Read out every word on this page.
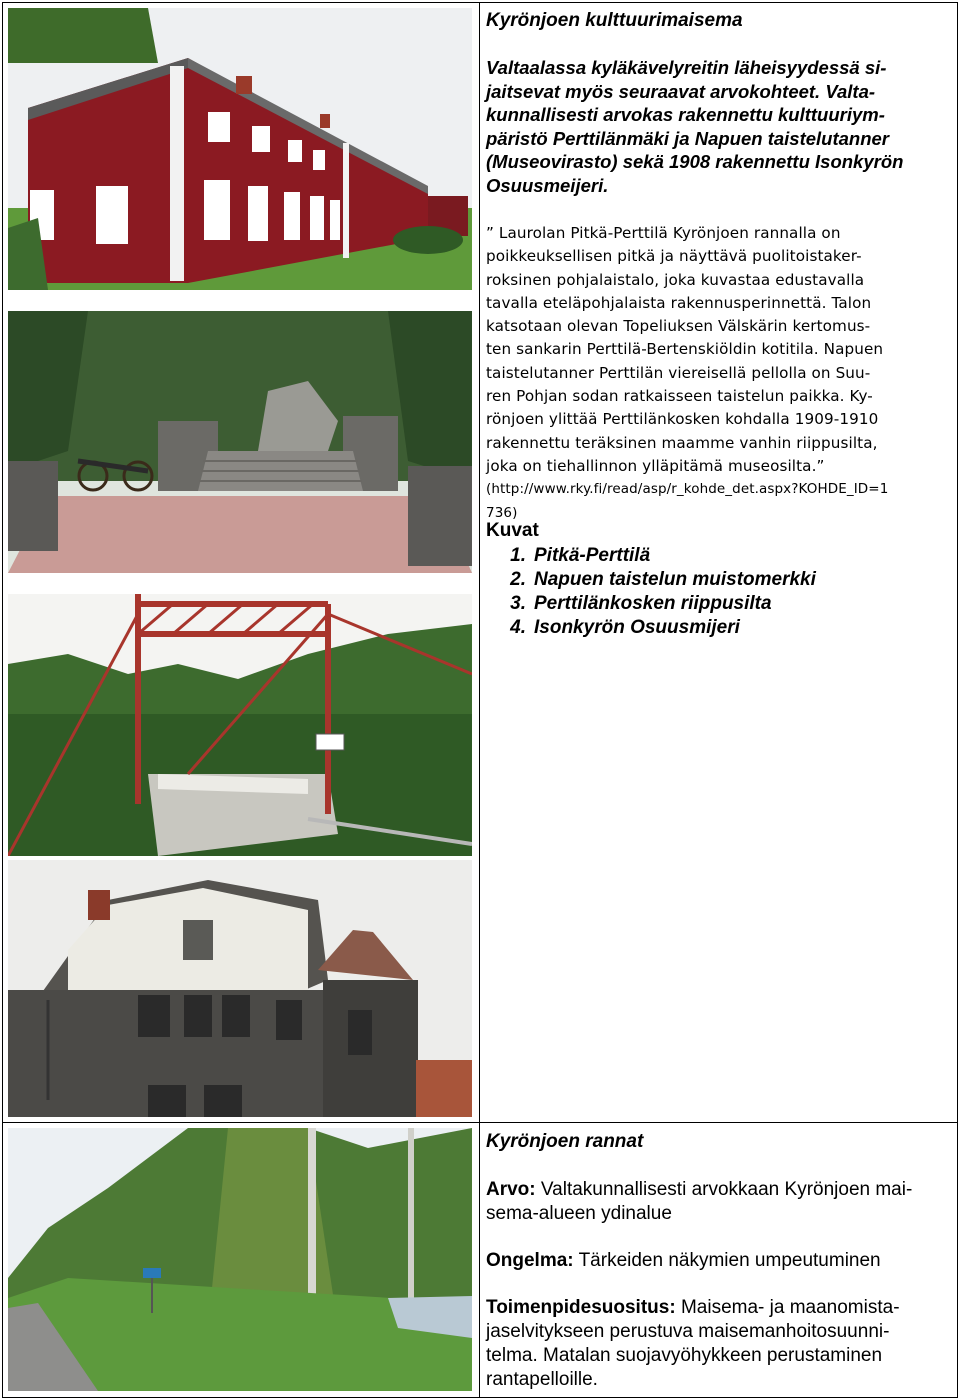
Kyrönjoen kulttuurimaisema
Valtaalassa kyläkävelyreitin läheisyydessä si-
jaitsevat myös seuraavat arvokohteet. Valta-
kunnallisesti arvokas rakennettu kulttuuriym-
päristö Perttilänmäki ja Napuen taistelutanner
(Museovirasto) sekä 1908 rakennettu Isonkyrön
Osuusmeijeri.
” Laurolan Pitkä-Perttilä Kyrönjoen rannalla on
poikkeuksellisen pitkä ja näyttävä puolitoistaker-
roksinen pohjalaistalo, joka kuvastaa edustavalla
tavalla eteläpohjalaista rakennusperinnettä. Talon
katsotaan olevan Topeliuksen Välskärin kertomus-
ten sankarin Perttilä-Bertenskiöldin kotitila. Napuen
taistelutanner Perttilän viereisellä pellolla on Suu-
ren Pohjan sodan ratkaisseen taistelun paikka. Ky-
rönjoen ylittää Perttilänkosken kohdalla 1909-1910
rakennettu teräksinen maamme vanhin riippusilta,
joka on tiehallinnon ylläpitämä museosilta.”
(http://www.rky.fi/read/asp/r_kohde_det.aspx?KOHDE_ID=1
736)
Kuvat
1. Pitkä-Perttilä
2. Napuen taistelun muistomerkki
3. Perttilänkosken riippusilta
4. Isonkyrön Osuusmijeri
Kyrönjoen rannat
Arvo: Valtakunnallisesti arvokkaan Kyrönjoen mai-
sema-alueen ydinalue
Ongelma: Tärkeiden näkymien umpeutuminen
Toimenpidesuositus: Maisema- ja maanomista-
jaselvitykseen perustuva maisemanhoitosuunni-
telma. Matalan suojavyöhykkeen perustaminen
rantapelloille.
